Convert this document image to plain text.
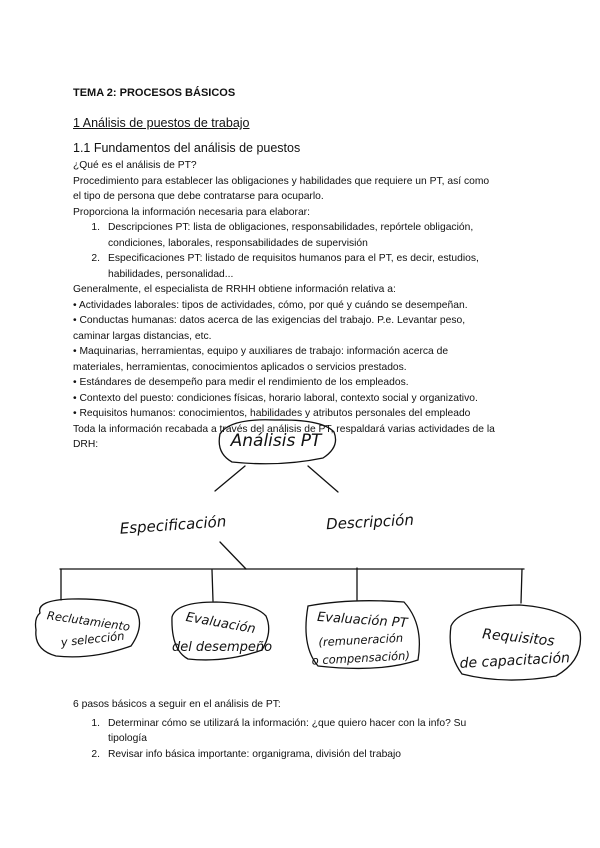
TEMA 2: PROCESOS BÁSICOS
1 Análisis de puestos de trabajo
1.1 Fundamentos del análisis de puestos

¿Qué es el análisis de PT?

Procedimiento para establecer las obligaciones y habilidades que requiere un PT, así como

el tipo de persona que debe contratarse para ocuparlo.

Proporciona la información necesaria para elaborar:

1. Descripciones PT: lista de obligaciones, responsabilidades, repórtele obligación,
condiciones, laborales, responsabilidades de supervisión
2. Especificaciones PT: listado de requisitos humanos para el PT, es decir, estudios,
habilidades, personalidad...

Generalmente, el especialista de RRHH obtiene información relativa a:

• Actividades laborales: tipos de actividades, cómo, por qué y cuándo se desempeñan.

• Conductas humanas: datos acerca de las exigencias del trabajo. P.e. Levantar peso,

caminar largas distancias, etc.

• Maquinarias, herramientas, equipo y auxiliares de trabajo: información acerca de

materiales, herramientas, conocimientos aplicados o servicios prestados.

• Estándares de desempeño para medir el rendimiento de los empleados.

• Contexto del puesto: condiciones físicas, horario laboral, contexto social y organizativo.

• Requisitos humanos: conocimientos, habilidades y atributos personales del empleado

Toda la información recabada a través del análisis de PT, respaldará varias actividades de la

DRH:	Análisis PT
Especificación	Descripción
Reclutamiento
y selección
Evaluación
del desempeño
Evaluación PT
(remuneración
o compensación)
Requisitos
de capacitación

6 pasos básicos a seguir en el análisis de PT:

1. Determinar cómo se utilizará la información: ¿que quiero hacer con la info? Su
tipología
2. Revisar info básica importante: organigrama, división del trabajo
